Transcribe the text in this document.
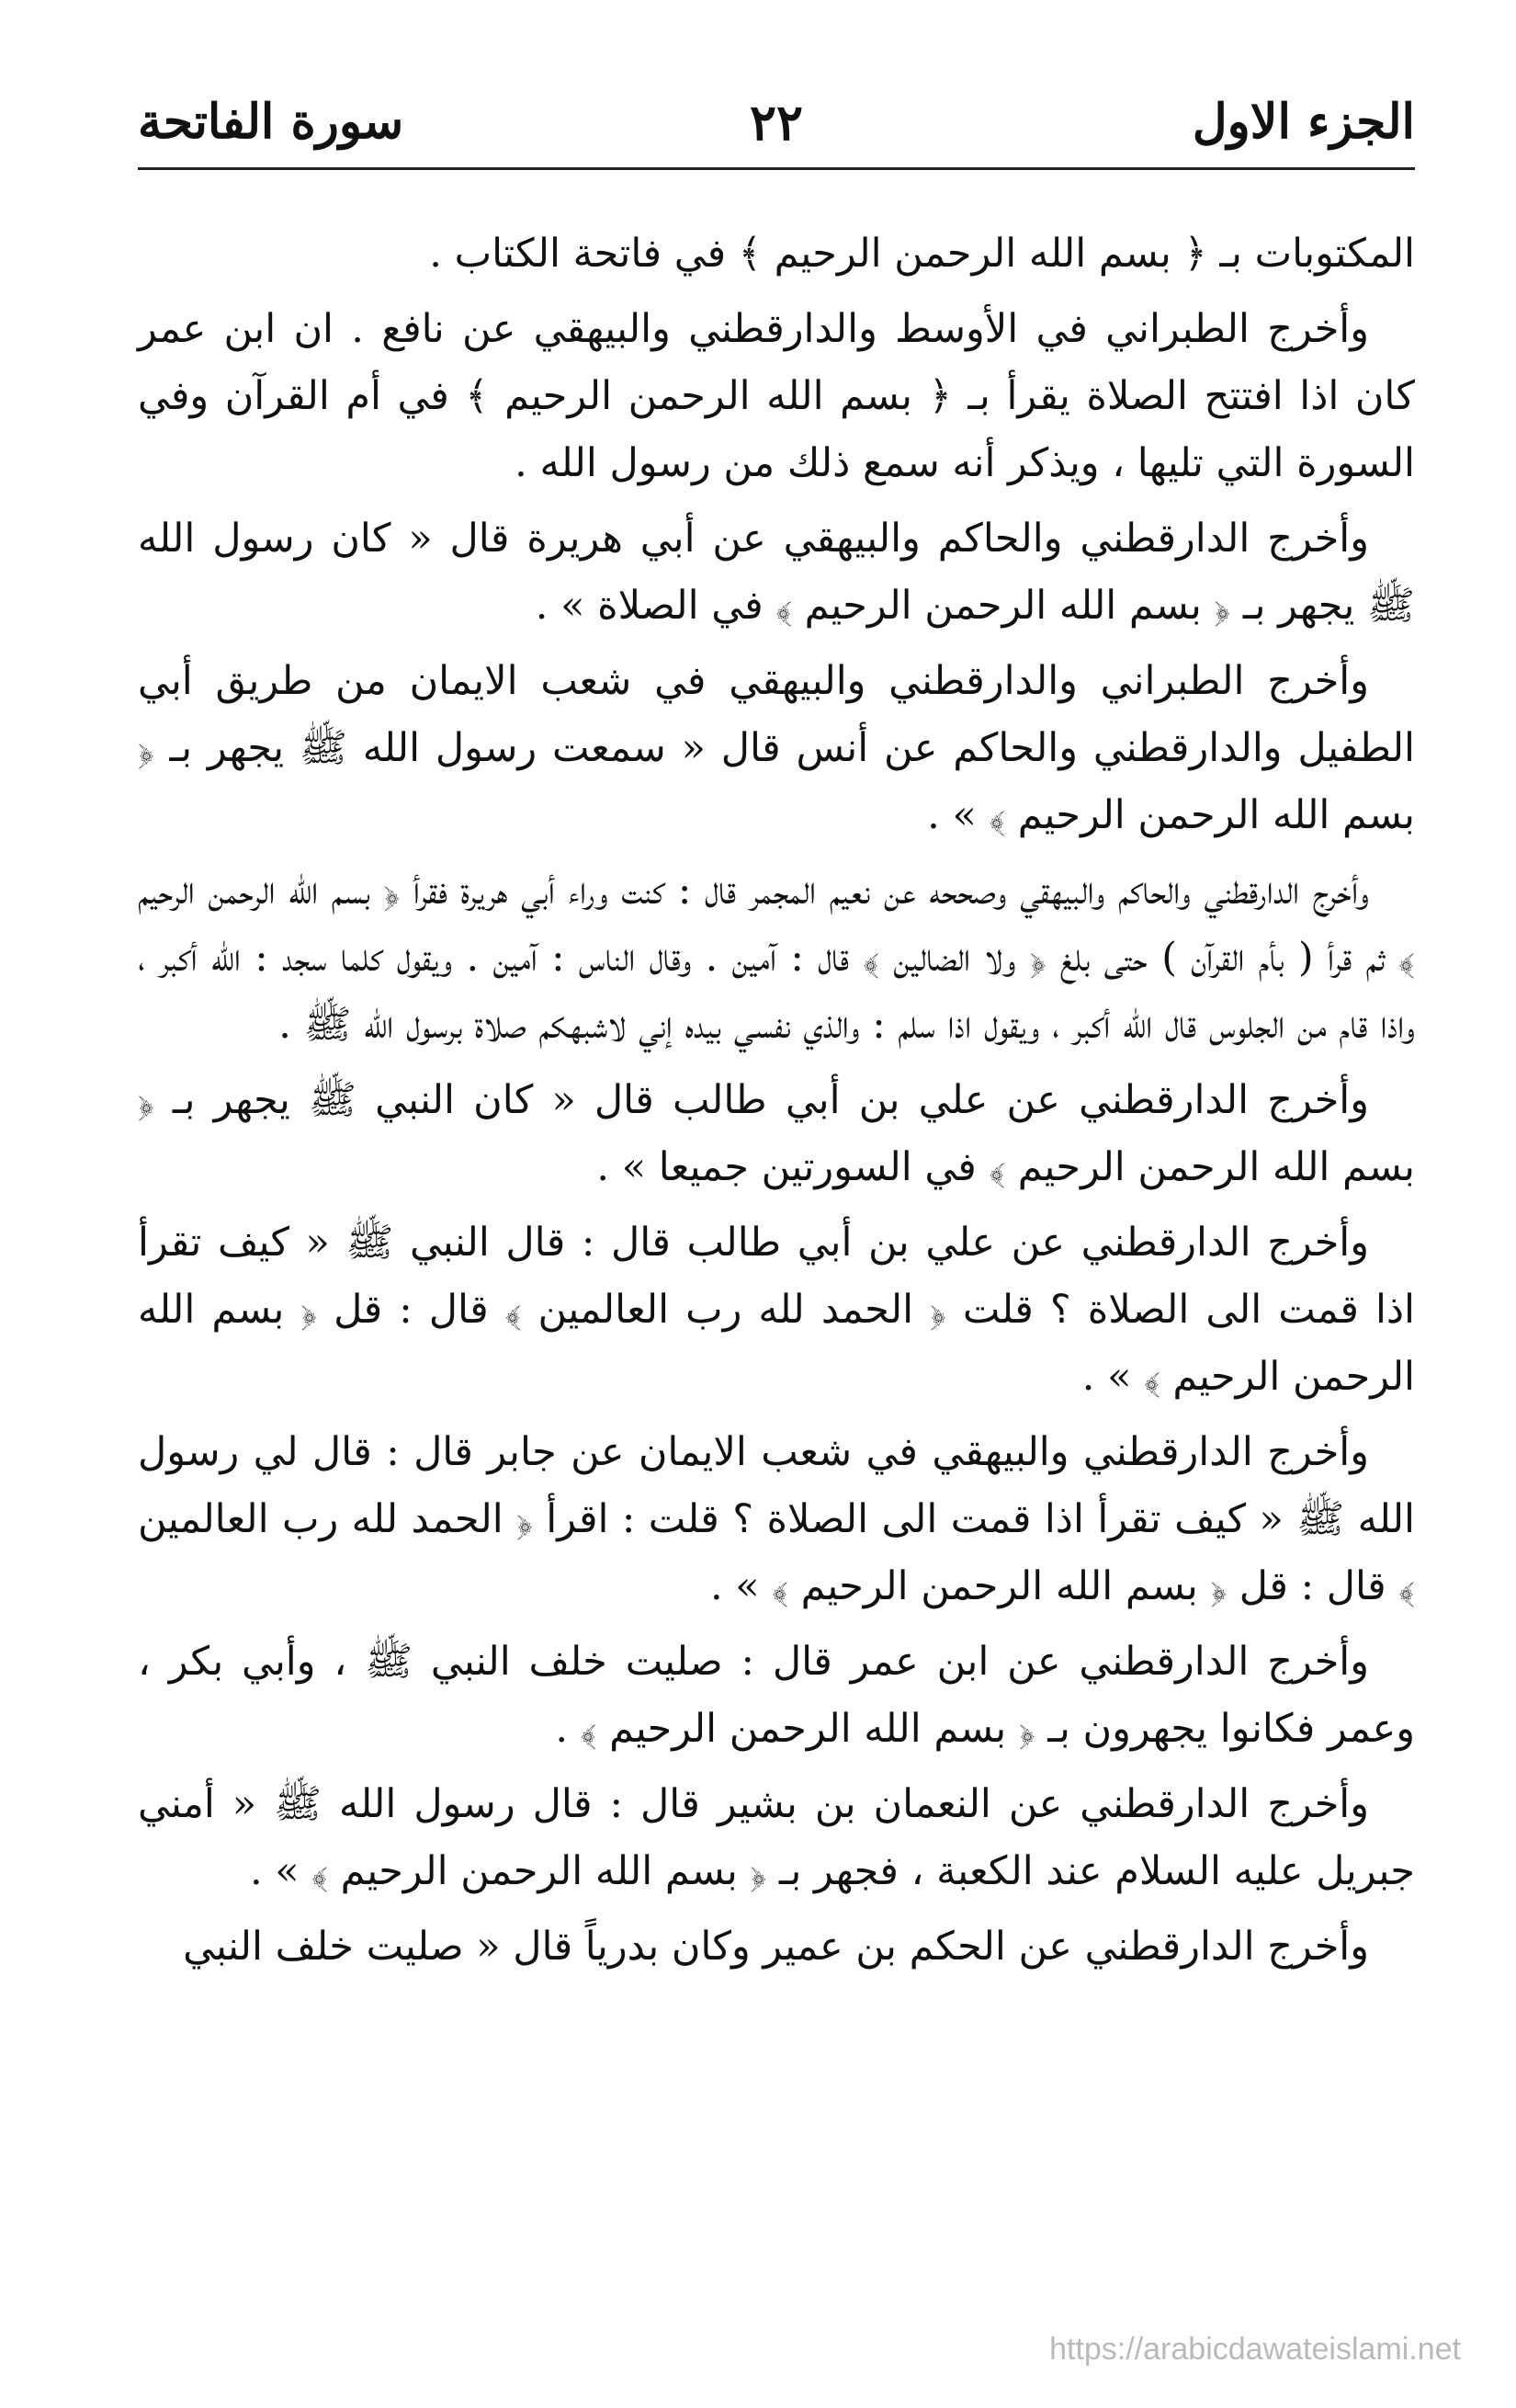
الجزء الاول
٢٢
سورة الفاتحة

المكتوبات بـ ﴿ بسم الله الرحمن الرحيم ﴾ في فاتحة الكتاب .

وأخرج الطبراني في الأوسط والدارقطني والبيهقي عن نافع . ان ابن عمر كان اذا افتتح الصلاة يقرأ بـ ﴿ بسم الله الرحمن الرحيم ﴾ في أم القرآن وفي السورة التي تليها ، ويذكر أنه سمع ذلك من رسول الله .

وأخرج الدارقطني والحاكم والبيهقي عن أبي هريرة قال « كان رسول الله ﷺ يجهر بـ ﴿ بسم الله الرحمن الرحيم ﴾ في الصلاة » .

وأخرج الطبراني والدارقطني والبيهقي في شعب الايمان من طريق أبي الطفيل والدارقطني والحاكم عن أنس قال « سمعت رسول الله ﷺ يجهر بـ ﴿ بسم الله الرحمن الرحيم ﴾ » .

وأخرج الدارقطني والحاكم والبيهقي وصححه عن نعيم المجمر قال : كنت وراء أبي هريرة فقرأ ﴿ بسم الله الرحمن الرحيم ﴾ ثم قرأ ( بأم القرآن ) حتى بلغ ﴿ ولا الضالين ﴾ قال : آمين . وقال الناس : آمين . ويقول كلما سجد : الله أكبر ، واذا قام من الجلوس قال الله أكبر ، ويقول اذا سلم : والذي نفسي بيده إني لاشبهكم صلاة برسول الله ﷺ .

وأخرج الدارقطني عن علي بن أبي طالب قال « كان النبي ﷺ يجهر بـ ﴿ بسم الله الرحمن الرحيم ﴾ في السورتين جميعا » .

وأخرج الدارقطني عن علي بن أبي طالب قال : قال النبي ﷺ « كيف تقرأ اذا قمت الى الصلاة ؟ قلت ﴿ الحمد لله رب العالمين ﴾ قال : قل ﴿ بسم الله الرحمن الرحيم ﴾ » .

وأخرج الدارقطني والبيهقي في شعب الايمان عن جابر قال : قال لي رسول الله ﷺ « كيف تقرأ اذا قمت الى الصلاة ؟ قلت : اقرأ ﴿ الحمد لله رب العالمين ﴾ قال : قل ﴿ بسم الله الرحمن الرحيم ﴾ » .

وأخرج الدارقطني عن ابن عمر قال : صليت خلف النبي ﷺ ، وأبي بكر ، وعمر فكانوا يجهرون بـ ﴿ بسم الله الرحمن الرحيم ﴾ .

وأخرج الدارقطني عن النعمان بن بشير قال : قال رسول الله ﷺ « أمني جبريل عليه السلام عند الكعبة ، فجهر بـ ﴿ بسم الله الرحمن الرحيم ﴾ » .

وأخرج الدارقطني عن الحكم بن عمير وكان بدرياً قال « صليت خلف النبي

https://arabicdawateislami.net
